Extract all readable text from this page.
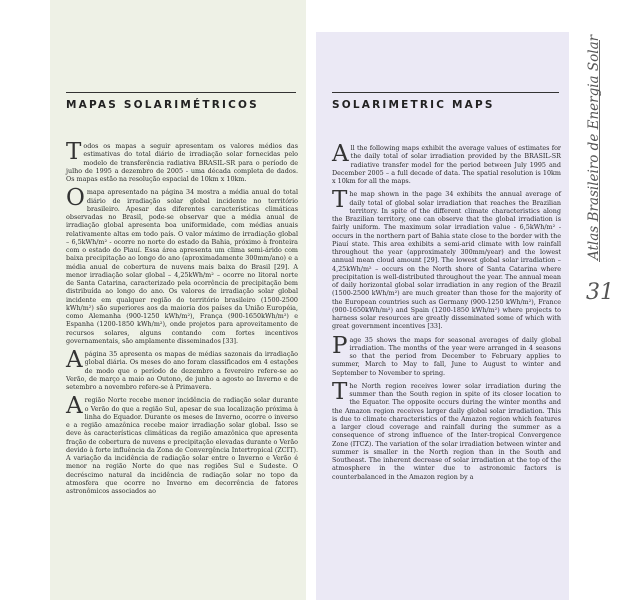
MAPAS SOLARIMÉTRICOS

Todos os mapas a seguir apresentam os valores médios das estimativas do total diário de irradiação solar fornecidas pelo modelo de transferência radiativa BRASIL-SR para o período de julho de 1995 a dezembro de 2005 - uma década completa de dados. Os mapas estão na resolução espacial de 10km x 10km.

Omapa apresentado na página 34 mostra a média anual do total diário de irradiação solar global incidente no território brasileiro. Apesar das diferentes características climáticas observadas no Brasil, pode-se observar que a média anual de irradiação global apresenta boa uniformidade, com médias anuais relativamente altas em todo país. O valor máximo de irradiação global – 6,5kWh/m² - ocorre no norte do estado da Bahia, próximo à fronteira com o estado do Piauí. Essa área apresenta um clima semi-árido com baixa precipitação ao longo do ano (aproximadamente 300mm/ano) e a média anual de cobertura de nuvens mais baixa do Brasil [29]. A menor irradiação solar global – 4,25kWh/m² – ocorre no litoral norte de Santa Catarina, caracterizado pela ocorrência de precipitação bem distribuída ao longo do ano. Os valores de irradiação solar global incidente em qualquer região do território brasileiro (1500-2500 kWh/m²) são superiores aos da maioria dos países da União Européia, como Alemanha (900-1250 kWh/m²), França (900-1650kWh/m²) e Espanha (1200-1850 kWh/m²), onde projetos para aproveitamento de recursos solares, alguns contando com fortes incentivos governamentais, são amplamente disseminados [33].

Apágina 35 apresenta os mapas de médias sazonais da irradiação global diária. Os meses do ano foram classificados em 4 estações de modo que o período de dezembro a fevereiro refere-se ao Verão, de março a maio ao Outono, de junho a agosto ao Inverno e de setembro a novembro refere-se à Primavera.

Aregião Norte recebe menor incidência de radiação solar durante o Verão do que a região Sul, apesar de sua localização próxima à linha do Equador. Durante os meses de Inverno, ocorre o inverso e a região amazônica recebe maior irradiação solar global. Isso se deve às características climáticas da região amazônica que apresenta fração de cobertura de nuvens e precipitação elevadas durante o Verão devido à forte influência da Zona de Convergência Intertropical (ZCIT). A variação da incidência de radiação solar entre o Inverno e Verão é menor na região Norte do que nas regiões Sul e Sudeste. O decréscimo natural da incidência de radiação solar no topo da atmosfera que ocorre no Inverno em decorrência de fatores astronômicos associados ao

SOLARIMETRIC MAPS

All the following maps exhibit the average values of estimates for the daily total of solar irradiation provided by the BRASIL-SR radiative transfer model for the period between July 1995 and December 2005 – a full decade of data. The spatial resolution is 10km x 10km for all the maps.

The map shown in the page 34 exhibits the annual average of daily total of global solar irradiation that reaches the Brazilian territory. In spite of the different climate characteristics along the Brazilian territory, one can observe that the global irradiation is fairly uniform. The maximum solar irradiation value - 6,5kWh/m² - occurs in the northern part of Bahia state close to the border with the Piauí state. This area exhibits a semi-arid climate with low rainfall throughout the year (approximately 300mm/year) and the lowest annual mean cloud amount [29]. The lowest global solar irradiation – 4,25kWh/m² – occurs on the North shore of Santa Catarina where precipitation is well-distributed throughout the year. The annual mean of daily horizontal global solar irradiation in any region of the Brazil (1500-2500 kWh/m²) are much greater than those for the majority of the European countries such as Germany (900-1250 kWh/m²), France (900-1650kWh/m²) and Spain (1200-1850 kWh/m²) where projects to harness solar resources are greatly disseminated some of which with great government incentives [33].

Page 35 shows the maps for seasonal averages of daily global irradiation. The months of the year were arranged in 4 seasons so that the period from December to February applies to summer, March to May to fall, June to August to winter and September to November to spring.

The North region receives lower solar irradiation during the summer than the South region in spite of its closer location to the Equator. The opposite occurs during the winter months and the Amazon region receives larger daily global solar irradiation. This is due to climate characteristics of the Amazon region which features a larger cloud coverage and rainfall during the summer as a consequence of strong influence of the Inter-tropical Convergence Zone (ITCZ). The variation of the solar irradiation between winter and summer is smaller in the North region than in the South and Southeast. The inherent decrease of solar irradiation at the top of the atmosphere in the winter due to astronomic factors is counterbalanced in the Amazon region by a

Atlas Brasileiro de Energia Solar
31
